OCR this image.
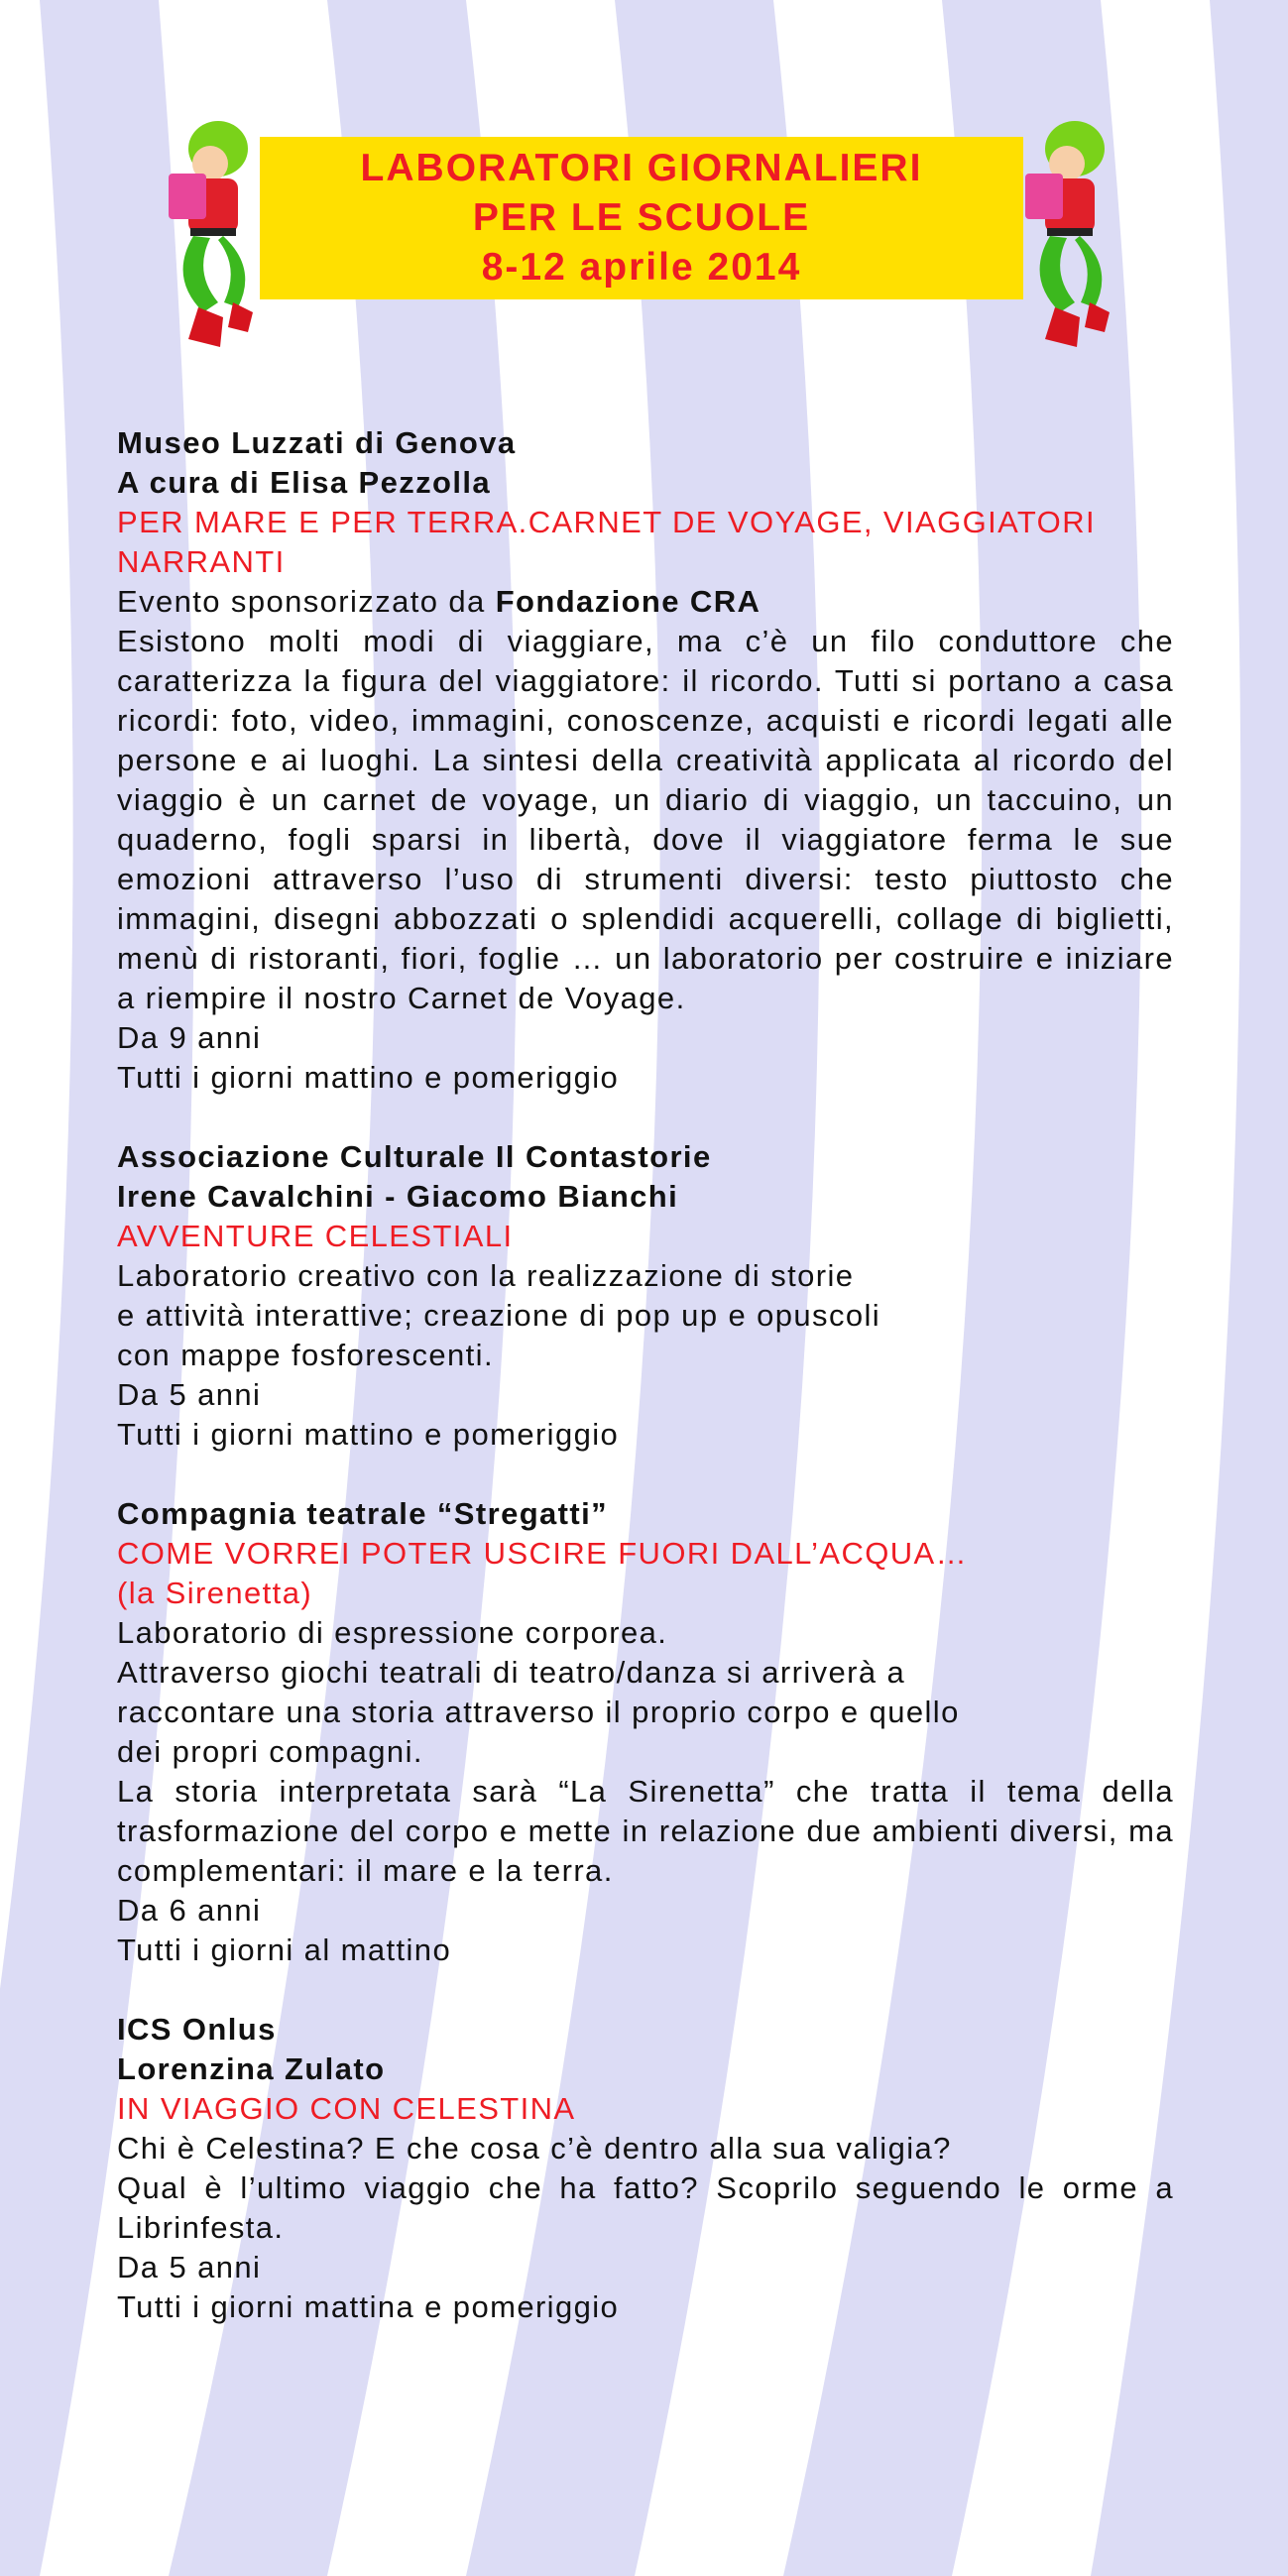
LABORATORI GIORNALIERI
PER LE SCUOLE
8-12 aprile 2014

Museo Luzzati di Genova

A cura di Elisa Pezzolla

PER MARE E PER TERRA.CARNET DE VOYAGE, VIAGGIATORI NARRANTI

Evento sponsorizzato da Fondazione CRA

Esistono molti modi di viaggiare, ma c’è un filo conduttore che caratterizza la figura del viaggiatore: il ricordo. Tutti si portano a casa ricordi: foto, video, immagini, conoscenze, acquisti e ricordi legati alle persone e ai luoghi. La sintesi della creatività applicata al ricordo del viaggio è un carnet de voyage, un diario di viaggio, un taccuino, un quaderno, fogli sparsi in libertà, dove il viaggiatore ferma le sue emozioni attraverso l’uso di strumenti diversi: testo piuttosto che immagini, disegni abbozzati o splendidi acquerelli, collage di biglietti, menù di ristoranti, fiori, foglie … un laboratorio per costruire e iniziare a riempire il nostro Carnet de Voyage.

Da 9 anni

Tutti i giorni mattino e pomeriggio

Associazione Culturale Il Contastorie

Irene Cavalchini - Giacomo Bianchi

AVVENTURE CELESTIALI

Laboratorio creativo con la realizzazione di storie

e attività interattive; creazione di pop up e opuscoli

con mappe fosforescenti.

Da 5 anni

Tutti i giorni mattino e pomeriggio

Compagnia teatrale “Stregatti”

COME VORREI POTER USCIRE FUORI DALL’ACQUA…

(la Sirenetta)

Laboratorio di espressione corporea.

Attraverso giochi teatrali di teatro/danza si arriverà a

raccontare una storia attraverso il proprio corpo e quello

dei propri compagni.

La storia interpretata sarà “La Sirenetta” che tratta il tema della trasformazione del corpo e mette in relazione due ambienti diversi, ma complementari: il mare e la terra.

Da 6 anni

Tutti i giorni al mattino

ICS Onlus

Lorenzina Zulato

IN VIAGGIO CON CELESTINA

Chi è Celestina? E che cosa c’è dentro alla sua valigia?

Qual è l’ultimo viaggio che ha fatto? Scoprilo seguendo le orme a Librinfesta.

Da 5 anni

Tutti i giorni mattina e pomeriggio
